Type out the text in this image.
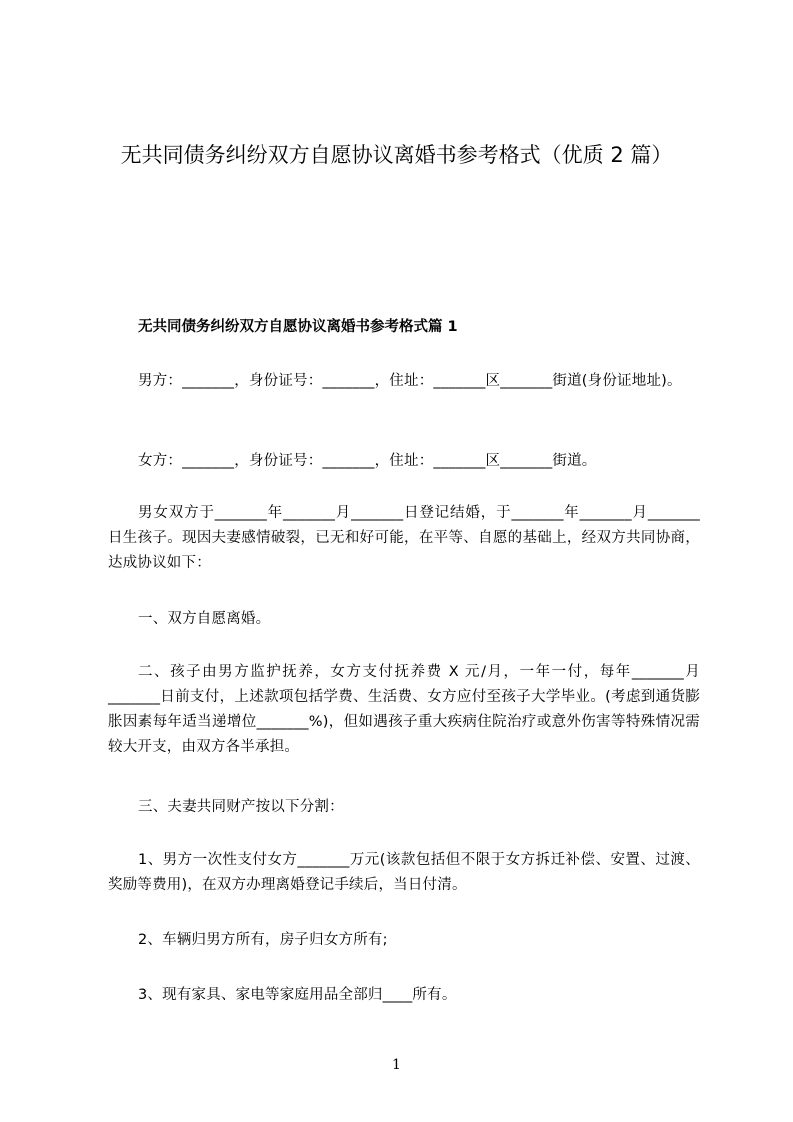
无共同债务纠纷双方自愿协议离婚书参考格式（优质 2 篇）
无共同债务纠纷双方自愿协议离婚书参考格式篇 1

男方：_______，身份证号：_______，住址：_______区_______街道(身份证地址)。

女方：_______，身份证号：_______，住址：_______区_______街道。

男女双方于_______年_______月_______日登记结婚，于_______年_______月_______日生孩子。现因夫妻感情破裂，已无和好可能，在平等、自愿的基础上，经双方共同协商，达成协议如下：

一、双方自愿离婚。

二、孩子由男方监护抚养，女方支付抚养费 X 元/月，一年一付，每年_______月_______日前支付，上述款项包括学费、生活费、女方应付至孩子大学毕业。(考虑到通货膨胀因素每年适当递增位_______%)，但如遇孩子重大疾病住院治疗或意外伤害等特殊情况需较大开支，由双方各半承担。

三、夫妻共同财产按以下分割：

1、男方一次性支付女方_______万元(该款包括但不限于女方拆迁补偿、安置、过渡、奖励等费用)，在双方办理离婚登记手续后，当日付清。

2、车辆归男方所有，房子归女方所有;

3、现有家具、家电等家庭用品全部归____所有。

1
